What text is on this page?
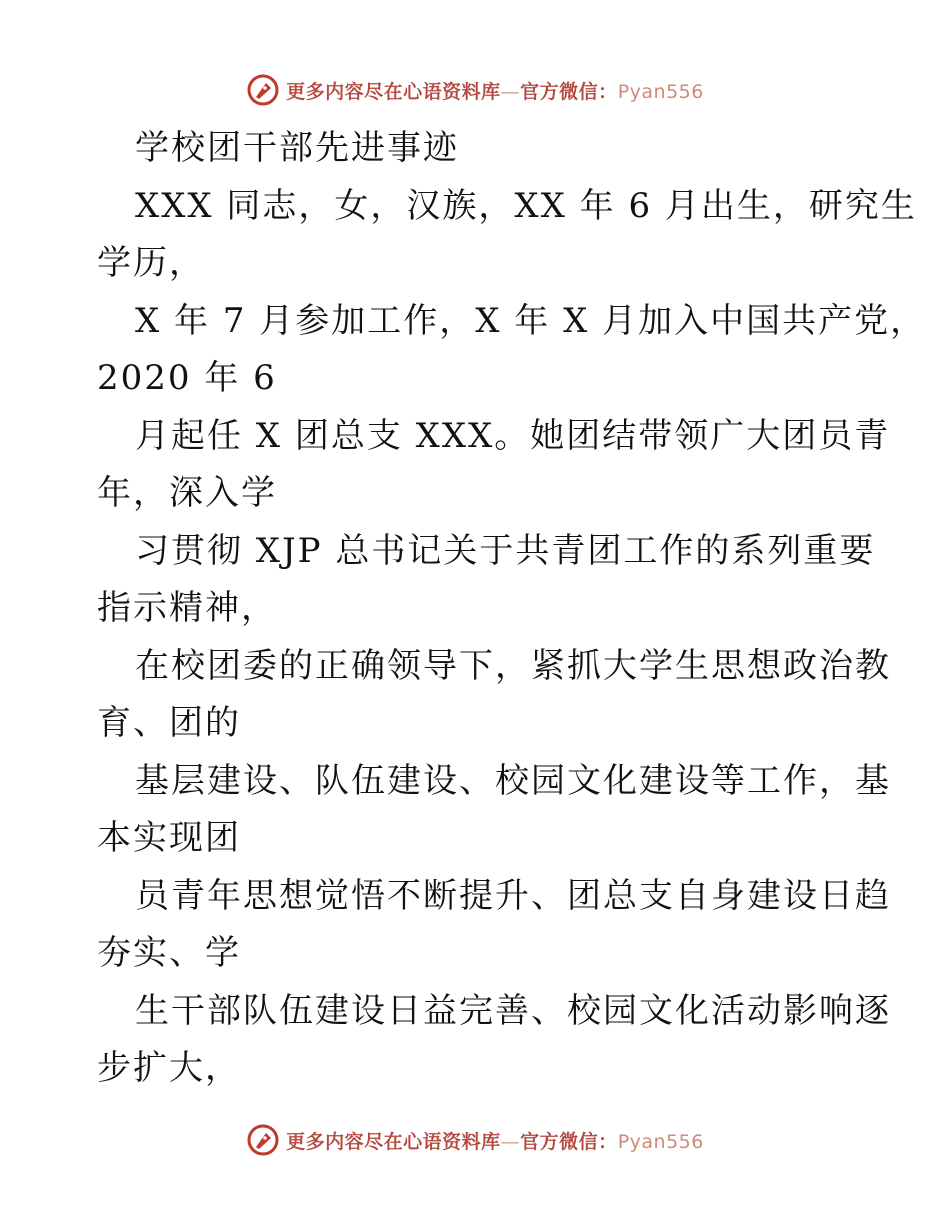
更多内容尽在心语资料库—官方微信：Pyan556
学校团干部先进事迹
XXX 同志，女，汉族，XX 年 6 月出生，研究生
学历，
X 年 7 月参加工作，X 年 X 月加入中国共产党，
2020 年 6
月起任 X 团总支 XXX。她团结带领广大团员青
年，深入学
习贯彻 XJP 总书记关于共青团工作的系列重要
指示精神，
在校团委的正确领导下，紧抓大学生思想政治教
育、团的
基层建设、队伍建设、校园文化建设等工作，基
本实现团
员青年思想觉悟不断提升、团总支自身建设日趋
夯实、学
生干部队伍建设日益完善、校园文化活动影响逐
步扩大，
更多内容尽在心语资料库—官方微信：Pyan556
